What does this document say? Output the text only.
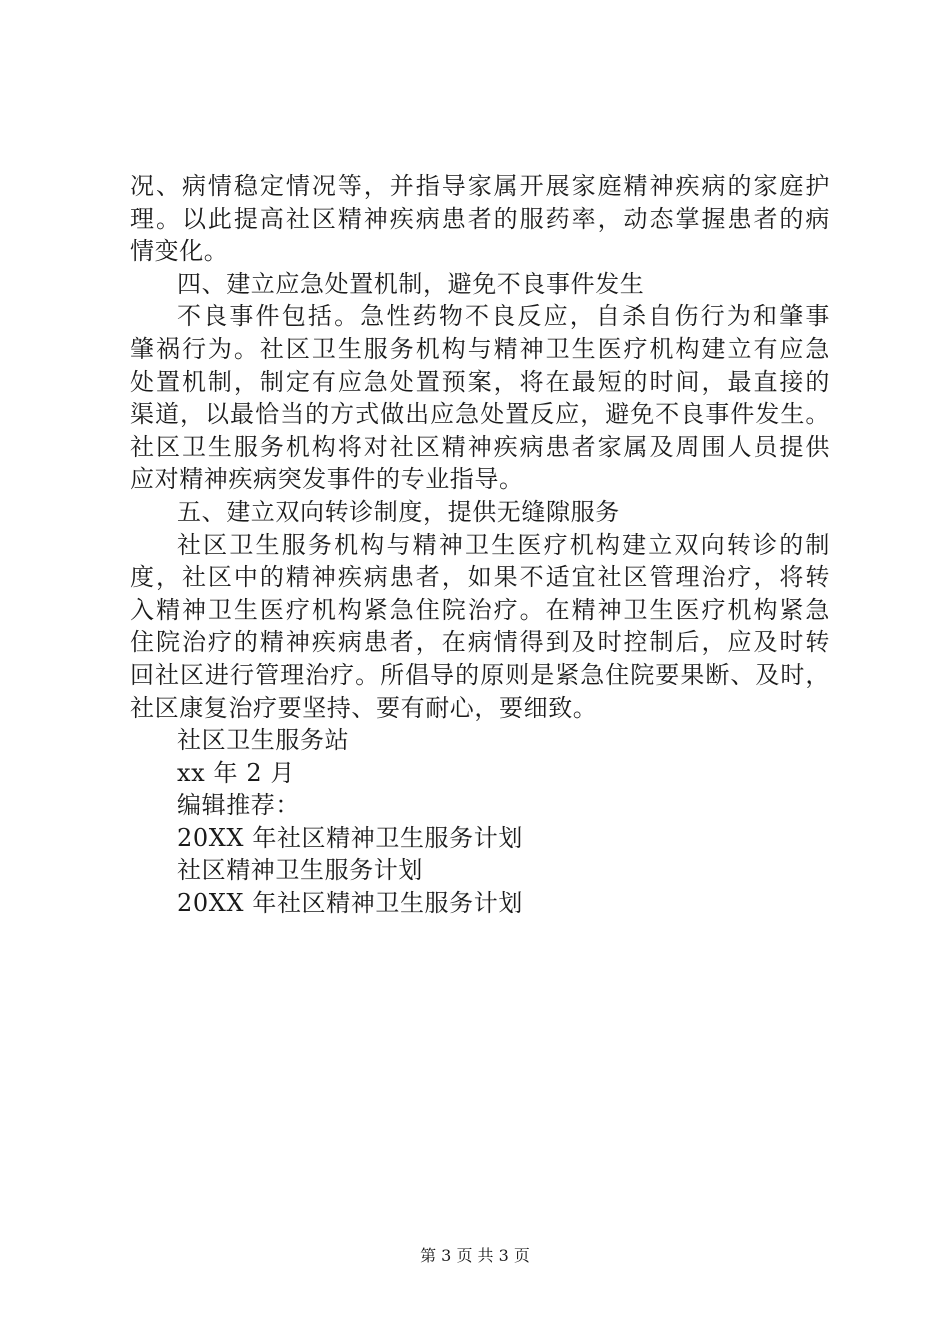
况、病情稳定情况等，并指导家属开展家庭精神疾病的家庭护
理。以此提高社区精神疾病患者的服药率，动态掌握患者的病
情变化。
四、建立应急处置机制，避免不良事件发生
不良事件包括。急性药物不良反应，自杀自伤行为和肇事
肇祸行为。社区卫生服务机构与精神卫生医疗机构建立有应急
处置机制，制定有应急处置预案，将在最短的时间，最直接的
渠道，以最恰当的方式做出应急处置反应，避免不良事件发生。
社区卫生服务机构将对社区精神疾病患者家属及周围人员提供
应对精神疾病突发事件的专业指导。
五、建立双向转诊制度，提供无缝隙服务
社区卫生服务机构与精神卫生医疗机构建立双向转诊的制
度，社区中的精神疾病患者，如果不适宜社区管理治疗，将转
入精神卫生医疗机构紧急住院治疗。在精神卫生医疗机构紧急
住院治疗的精神疾病患者，在病情得到及时控制后，应及时转
回社区进行管理治疗。所倡导的原则是紧急住院要果断、及时，
社区康复治疗要坚持、要有耐心，要细致。
社区卫生服务站
xx 年 2 月
编辑推荐：
20XX 年社区精神卫生服务计划
社区精神卫生服务计划
20XX 年社区精神卫生服务计划
第 3 页 共 3 页
